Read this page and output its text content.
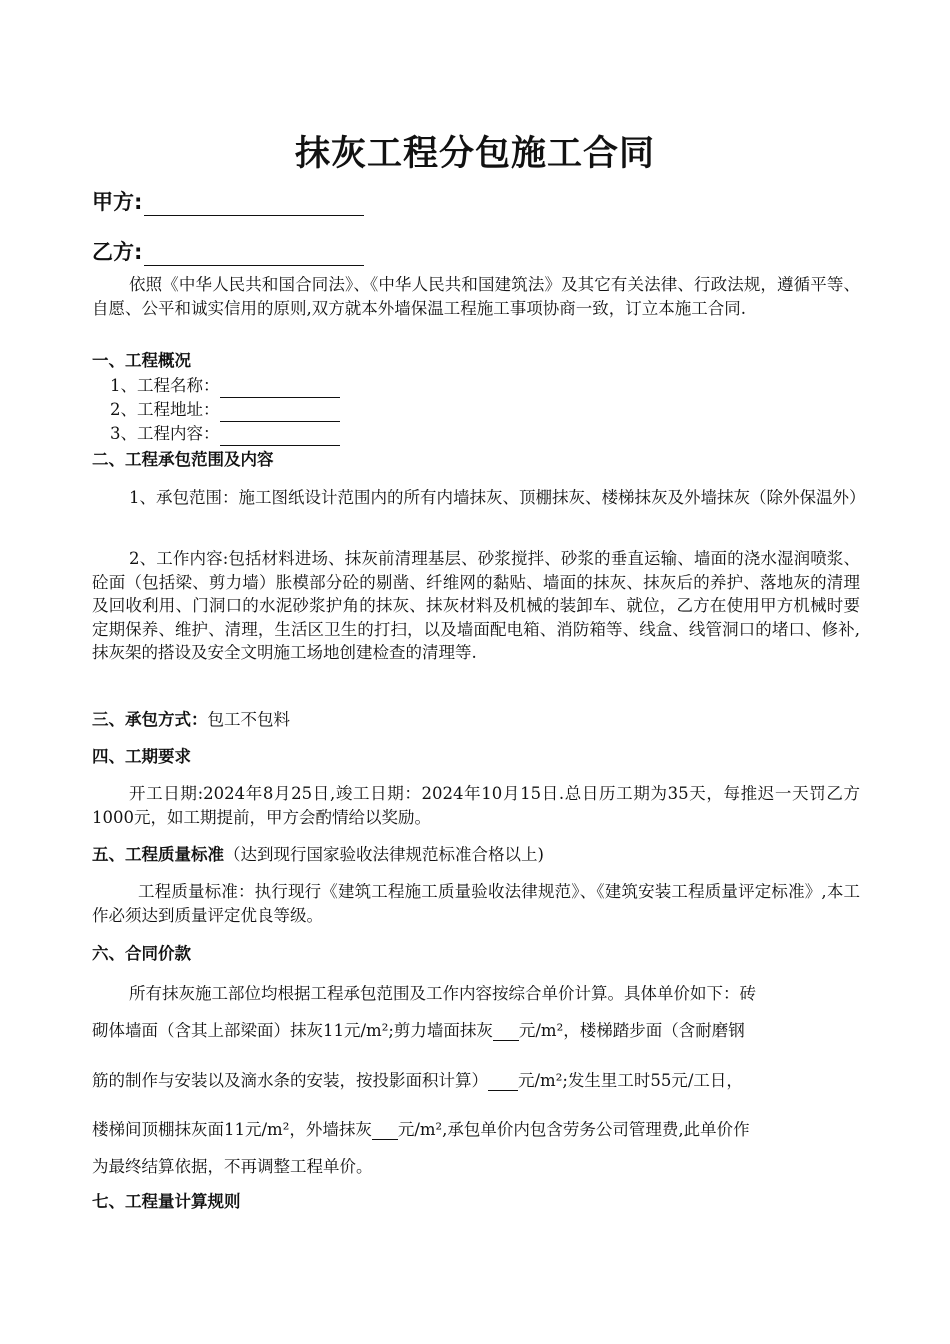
抹灰工程分包施工合同
甲方:
乙方:
依照《中华人民共和国合同法》、《中华人民共和国建筑法》及其它有关法律、行政法规，遵循平等、自愿、公平和诚实信用的原则,双方就本外墙保温工程施工事项协商一致，订立本施工合同.
一、工程概况
1、工程名称：
2、工程地址：
3、工程内容：
二、工程承包范围及内容
1、承包范围：施工图纸设计范围内的所有内墙抹灰、顶棚抹灰、楼梯抹灰及外墙抹灰（除外保温外）
2、工作内容:包括材料进场、抹灰前清理基层、砂浆搅拌、砂浆的垂直运输、墙面的浇水湿润喷浆、砼面（包括梁、剪力墙）胀模部分砼的剔凿、纤维网的黏贴、墙面的抹灰、抹灰后的养护、落地灰的清理及回收利用、门洞口的水泥砂浆护角的抹灰、抹灰材料及机械的装卸车、就位，乙方在使用甲方机械时要定期保养、维护、清理，生活区卫生的打扫，以及墙面配电箱、消防箱等、线盒、线管洞口的堵口、修补,抹灰架的搭设及安全文明施工场地创建检查的清理等.
三、承包方式：包工不包料
四、工期要求
开工日期:2024年8月25日,竣工日期：2024年10月15日.总日历工期为35天，每推迟一天罚乙方1000元，如工期提前，甲方会酌情给以奖励。
五、工程质量标准（达到现行国家验收法律规范标准合格以上)
工程质量标准：执行现行《建筑工程施工质量验收法律规范》、《建筑安装工程质量评定标准》,本工作必须达到质量评定优良等级。
六、合同价款
所有抹灰施工部位均根据工程承包范围及工作内容按综合单价计算。具体单价如下：砖
砌体墙面（含其上部梁面）抹灰11元/m²;剪力墙面抹灰 元/m²，楼梯踏步面（含耐磨钢
筋的制作与安装以及滴水条的安装，按投影面积计算） 元/m²;发生里工时55元/工日，
楼梯间顶棚抹灰面11元/m²，外墙抹灰 元/m²,承包单价内包含劳务公司管理费,此单价作
为最终结算依据，不再调整工程单价。
七、工程量计算规则
